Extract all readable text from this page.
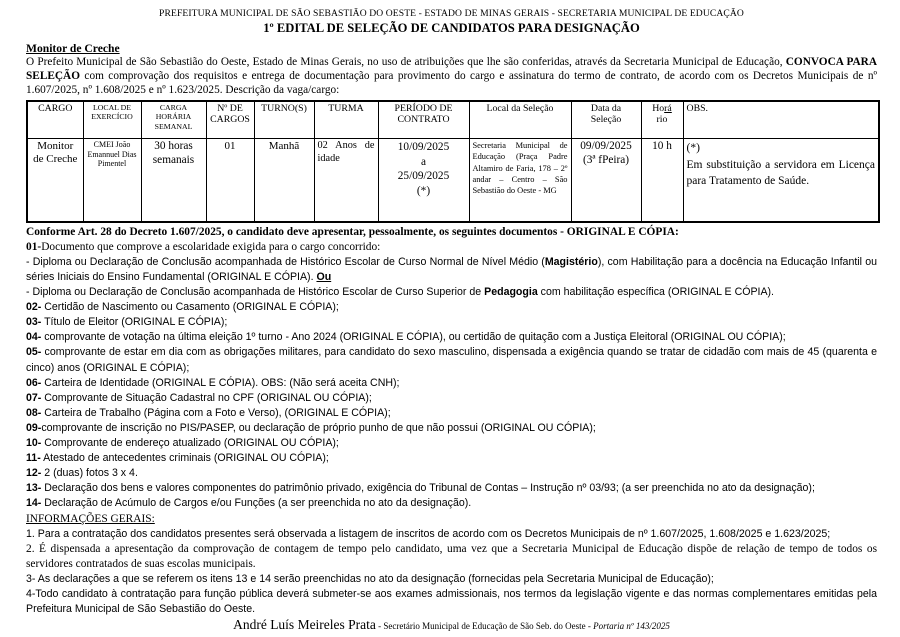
PREFEITURA MUNICIPAL DE SÃO SEBASTIÃO DO OESTE - ESTADO DE MINAS GERAIS - SECRETARIA MUNICIPAL DE EDUCAÇÃO
1º EDITAL DE SELEÇÃO DE CANDIDATOS PARA DESIGNAÇÃO
Monitor de Creche

O Prefeito Municipal de São Sebastião do Oeste, Estado de Minas Gerais, no uso de atribuições que lhe são conferidas, através da Secretaria Municipal de Educação, CONVOCA PARA SELEÇÃO com comprovação dos requisitos e entrega de documentação para provimento do cargo e assinatura do termo de contrato, de acordo com os Decretos Municipais de nº 1.607/2025, nº 1.608/2025 e nº 1.623/2025. Descrição da vaga/cargo:

CARGO	LOCAL DE EXERCÍCIO	CARGA HORÁRIA SEMANAL	Nº DE CARGOS	TURNO(S)	TURMA	PERÍODO DE CONTRATO	Local da Seleção	Data da Seleção	Horá
rio	OBS.
Monitor de Creche	CMEI João Emannuel Dias Pimentel	30 horas semanais	01	Manhã	02 Anos de idade	10/09/2025
a
25/09/2025
(*)	Secretaria Municipal de Educação (Praça Padre Altamiro de Faria, 178 – 2º andar – Centro – São Sebastião do Oeste - MG	09/09/2025
(3ª fPeira)	10 h	(*)
Em substituição a servidora em Licença para Tratamento de Saúde.

Conforme Art. 28 do Decreto 1.607/2025, o candidato deve apresentar, pessoalmente, os seguintes documentos - ORIGINAL E CÓPIA:

01-Documento que comprove a escolaridade exigida para o cargo concorrido:

- Diploma ou Declaração de Conclusão acompanhada de Histórico Escolar de Curso Normal de Nível Médio (Magistério), com Habilitação para a docência na Educação Infantil ou séries Iniciais do Ensino Fundamental (ORIGINAL E CÓPIA). Ou

- Diploma ou Declaração de Conclusão acompanhada de Histórico Escolar de Curso Superior de Pedagogia com habilitação específica (ORIGINAL E CÓPIA).

02- Certidão de Nascimento ou Casamento (ORIGINAL E CÓPIA);

03- Título de Eleitor (ORIGINAL E CÓPIA);

04- comprovante de votação na última eleição 1º turno - Ano 2024 (ORIGINAL E CÓPIA), ou certidão de quitação com a Justiça Eleitoral (ORIGINAL OU CÓPIA);

05- comprovante de estar em dia com as obrigações militares, para candidato do sexo masculino, dispensada a exigência quando se tratar de cidadão com mais de 45 (quarenta e cinco) anos (ORIGINAL E CÓPIA);

06- Carteira de Identidade (ORIGINAL E CÓPIA). OBS: (Não será aceita CNH);

07- Comprovante de Situação Cadastral no CPF (ORIGINAL OU CÓPIA);

08- Carteira de Trabalho (Página com a Foto e Verso), (ORIGINAL E CÓPIA);

09-comprovante de inscrição no PIS/PASEP, ou declaração de próprio punho de que não possui (ORIGINAL OU CÓPIA);

10- Comprovante de endereço atualizado (ORIGINAL OU CÓPIA);

11- Atestado de antecedentes criminais (ORIGINAL OU CÓPIA);

12- 2 (duas) fotos 3 x 4.

13- Declaração dos bens e valores componentes do patrimônio privado, exigência do Tribunal de Contas – Instrução nº 03/93; (a ser preenchida no ato da designação);

14- Declaração de Acúmulo de Cargos e/ou Funções (a ser preenchida no ato da designação).

INFORMAÇÕES GERAIS:

1. Para a contratação dos candidatos presentes será observada a listagem de inscritos de acordo com os Decretos Municipais de nº 1.607/2025, 1.608/2025 e 1.623/2025;

2. É dispensada a apresentação da comprovação de contagem de tempo pelo candidato, uma vez que a Secretaria Municipal de Educação dispõe de relação de tempo de todos os servidores contratados de suas escolas municipais.

3- As declarações a que se referem os itens 13 e 14 serão preenchidas no ato da designação (fornecidas pela Secretaria Municipal de Educação);

4-Todo candidato à contratação para função pública deverá submeter-se aos exames admissionais, nos termos da legislação vigente e das normas complementares emitidas pela Prefeitura Municipal de São Sebastião do Oeste.

André Luís Meireles Prata - Secretário Municipal de Educação de São Seb. do Oeste - Portaria nº 143/2025
